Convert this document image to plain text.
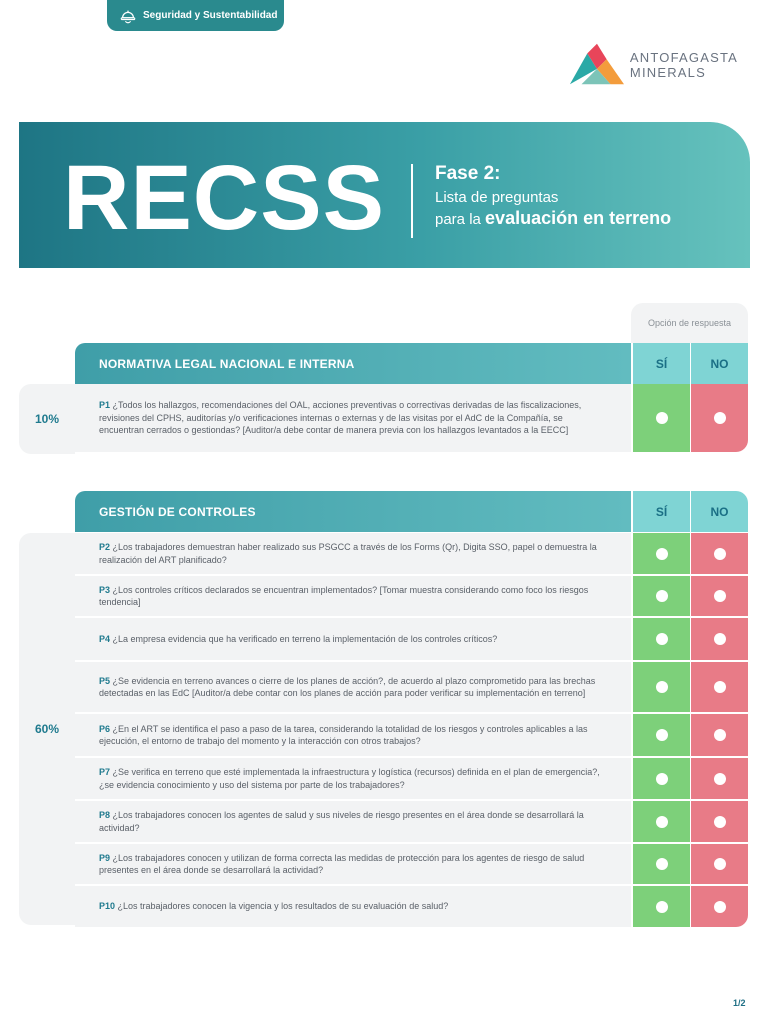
Seguridad y Sustentabilidad
ANTOFAGASTA
MINERALS
RECSS	Fase 2:
Lista de preguntas
para la evaluación en terreno
Opción de respuesta
NORMATIVA LEGAL NACIONAL E INTERNA	SÍ	NO
10%
P1 ¿Todos los hallazgos, recomendaciones del OAL, acciones preventivas o correctivas derivadas de las fiscalizaciones, revisiones del CPHS, auditorías y/o verificaciones internas o externas y de las visitas por el AdC de la Compañía, se encuentran cerrados o gestiondas? [Auditor/a debe contar de manera previa con los hallazgos levantados a la EECC]
GESTIÓN DE CONTROLES	SÍ	NO
60%
P2 ¿Los trabajadores demuestran haber realizado sus PSGCC a través de los Forms (Qr), Digita SSO, papel o demuestra la realización del ART planificado?
P3 ¿Los controles críticos declarados se encuentran implementados? [Tomar muestra considerando como foco los riesgos tendencia]
P4 ¿La empresa evidencia que ha verificado en terreno la implementación de los controles críticos?
P5 ¿Se evidencia en terreno avances o cierre de los planes de acción?, de acuerdo al plazo comprometido para las brechas detectadas en las EdC [Auditor/a debe contar con los planes de acción para poder verificar su implementación en terreno]
P6 ¿En el ART se identifica el paso a paso de la tarea, considerando la totalidad de los riesgos y controles aplicables a las ejecución, el entorno de trabajo del momento y la interacción con otros trabajos?
P7 ¿Se verifica en terreno que esté implementada la infraestructura y logística (recursos) definida en el plan de emergencia?, ¿se evidencia conocimiento y uso del sistema por parte de los trabajadores?
P8 ¿Los trabajadores conocen los agentes de salud y sus niveles de riesgo presentes en el área donde se desarrollará la actividad?
P9 ¿Los trabajadores conocen y utilizan de forma correcta las medidas de protección para los agentes de riesgo de salud presentes en el área donde se desarrollará la actividad?
P10 ¿Los trabajadores conocen la vigencia y los resultados de su evaluación de salud?
1/2
